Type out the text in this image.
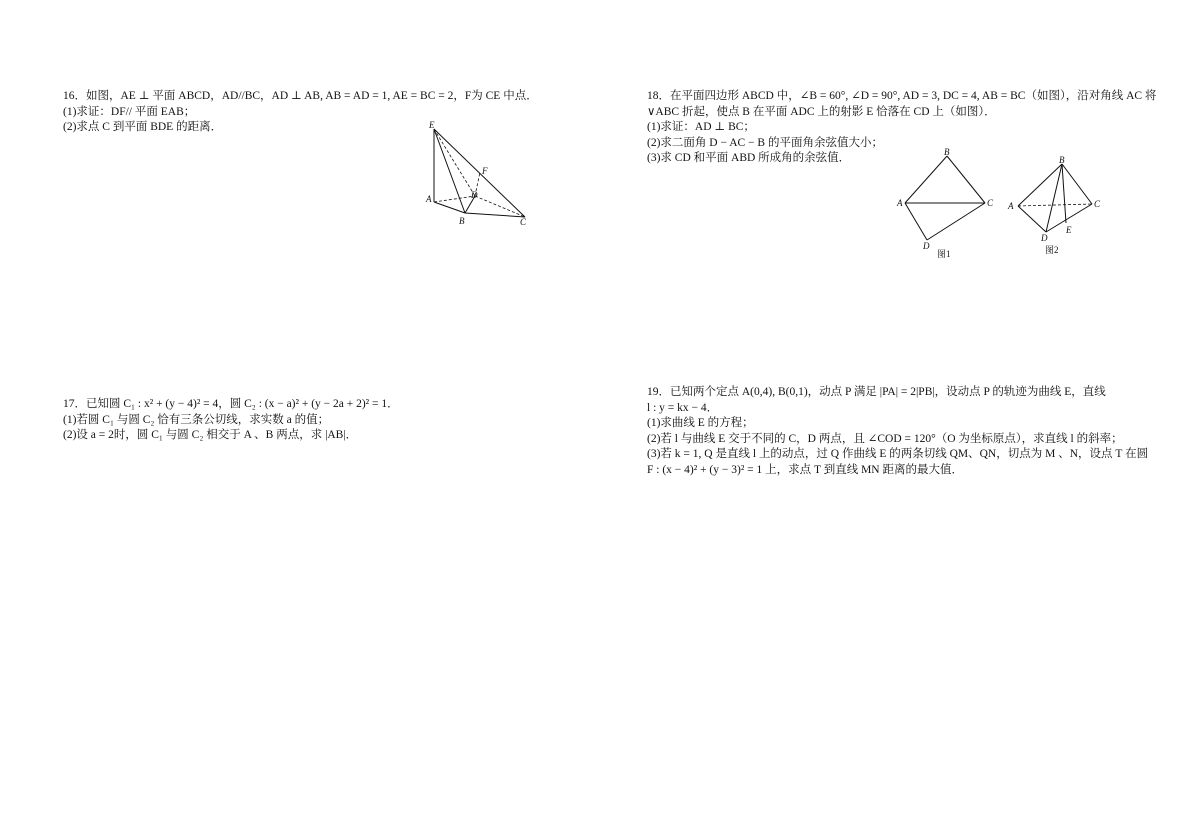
16．如图，AE ⊥ 平面 ABCD，AD//BC，AD ⊥ AB, AB = AD = 1, AE = BC = 2，F为 CE 中点．

(1)求证：DF// 平面 EAB；

(2)求点 C 到平面 BDE 的距离．	E
F
D
A
B	C

17．已知圆 C₁ : x² + (y − 4)² = 4，圆 C₂ : (x − a)² + (y − 2a + 2)² = 1．

(1)若圆 C₁ 与圆 C₂ 恰有三条公切线，求实数 a 的值；

(2)设 a = 2时，圆 C₁ 与圆 C₂ 相交于 A 、B 两点，求 |AB|．

18．在平面四边形 ABCD 中，∠B = 60°, ∠D = 90°, AD = 3, DC = 4, AB = BC（如图），沿对角线 AC 将

∨ABC 折起，使点 B 在平面 ADC 上的射影 E 恰落在 CD 上（如图）．

(1)求证：AD ⊥ BC；

(2)求二面角 D − AC − B 的平面角余弦值大小；

(3)求 CD 和平面 ABD 所成角的余弦值．	B
A	C
D
图1
B
A	C
D
E
图2

19．已知两个定点 A(0,4), B(0,1)，动点 P 满足 |PA| = 2|PB|，设动点 P 的轨迹为曲线 E，直线

l : y = kx − 4．

(1)求曲线 E 的方程；

(2)若 l 与曲线 E 交于不同的 C，D 两点，且 ∠COD = 120°（O 为坐标原点），求直线 l 的斜率；

(3)若 k = 1, Q 是直线 l 上的动点，过 Q 作曲线 E 的两条切线 QM、QN，切点为 M 、N，设点 T 在圆

F : (x − 4)² + (y − 3)² = 1 上，求点 T 到直线 MN 距离的最大值．
